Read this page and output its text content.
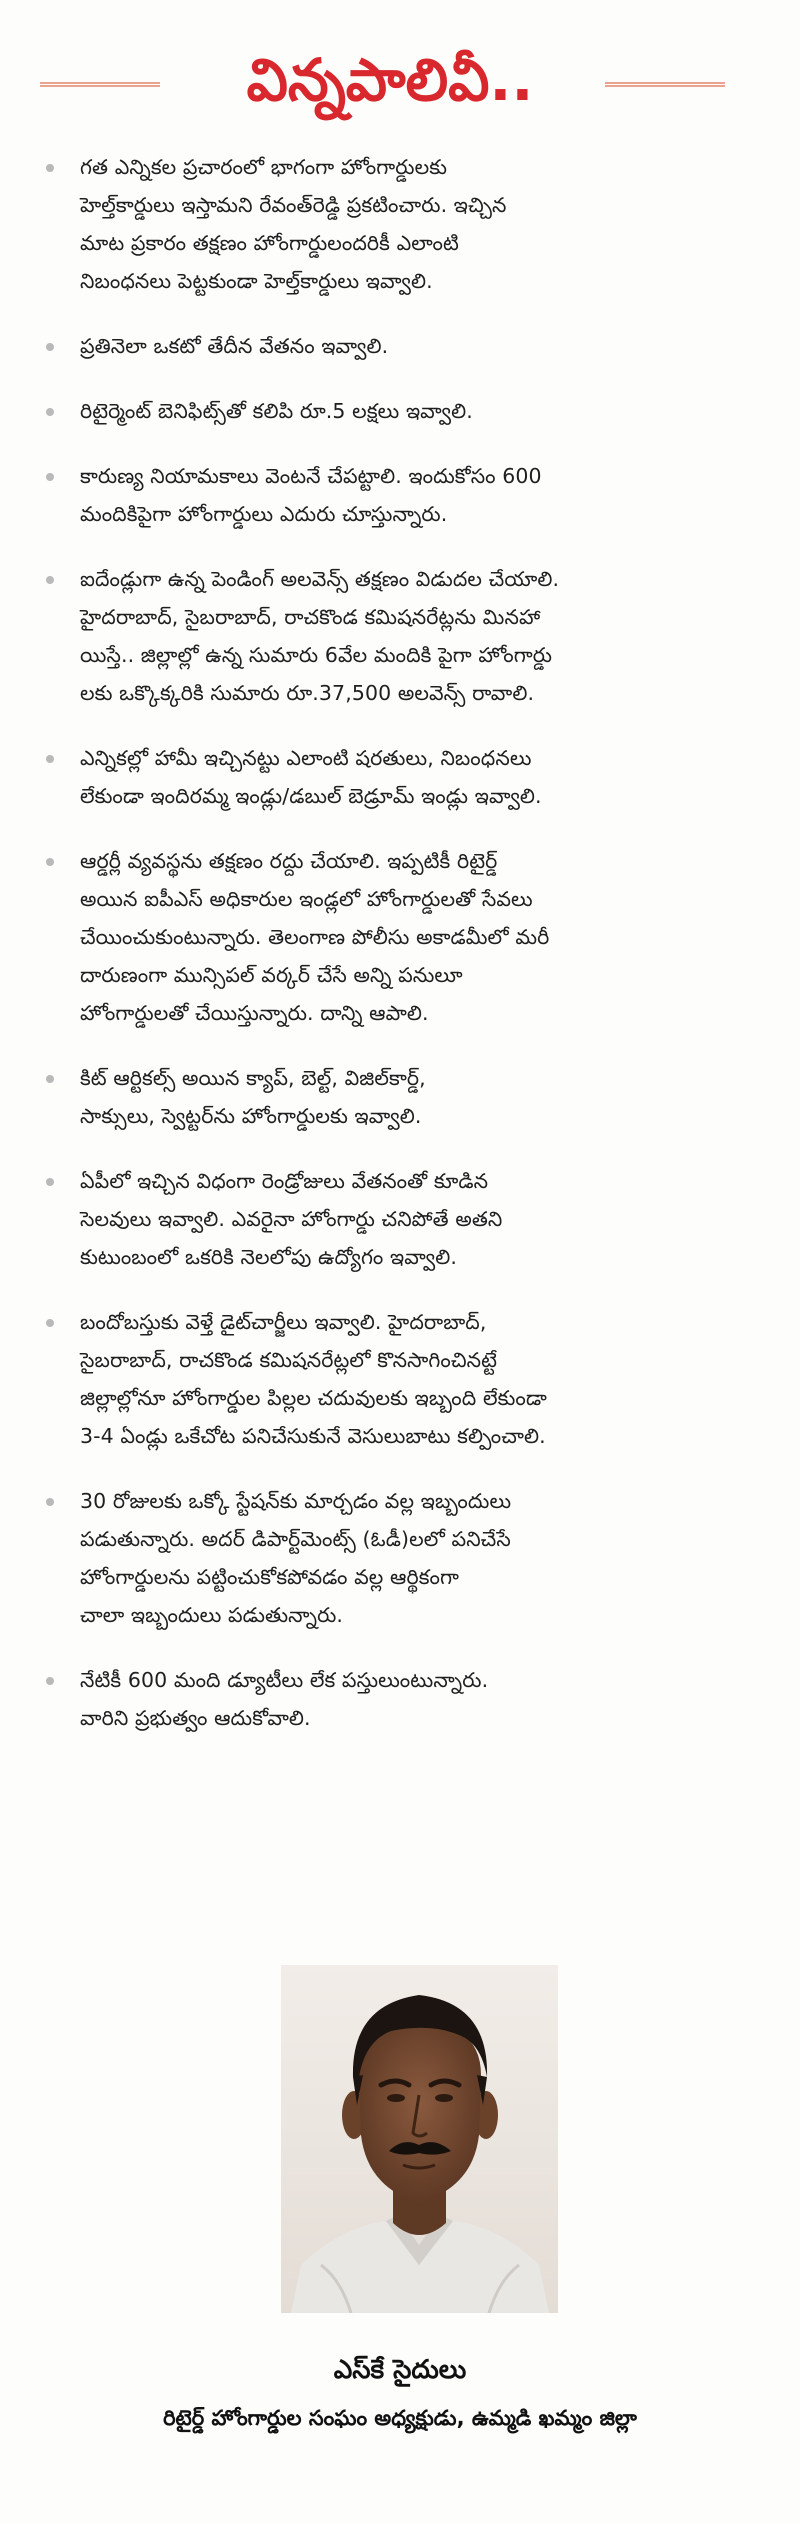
విన్నపాలివీ..
గత ఎన్నికల ప్రచారంలో భాగంగా హోంగార్డులకు
హెల్త్‌కార్డులు ఇస్తామని రేవంత్‌రెడ్డి ప్రకటించారు. ఇచ్చిన
మాట ప్రకారం తక్షణం హోంగార్డులందరికీ ఎలాంటి
నిబంధనలు పెట్టకుండా హెల్త్‌కార్డులు ఇవ్వాలి.
ప్రతినెలా ఒకటో తేదీన వేతనం ఇవ్వాలి.
రిటైర్మెంట్ బెనిఫిట్స్‌తో కలిపి రూ.5 లక్షలు ఇవ్వాలి.
కారుణ్య నియామకాలు వెంటనే చేపట్టాలి. ఇందుకోసం 600
మందికిపైగా హోంగార్డులు ఎదురు చూస్తున్నారు.
ఐదేండ్లుగా ఉన్న పెండింగ్ అలవెన్స్ తక్షణం విడుదల చేయాలి.
హైదరాబాద్, సైబరాబాద్, రాచకొండ కమిషనరేట్లను మినహా
యిస్తే.. జిల్లాల్లో ఉన్న సుమారు 6వేల మందికి పైగా హోంగార్డు
లకు ఒక్కొక్కరికి సుమారు రూ.37,500 అలవెన్స్ రావాలి.
ఎన్నికల్లో హామీ ఇచ్చినట్టు ఎలాంటి షరతులు, నిబంధనలు
లేకుండా ఇందిరమ్మ ఇండ్లు/డబుల్ బెడ్రూమ్ ఇండ్లు ఇవ్వాలి.
ఆర్డర్లీ వ్యవస్థను తక్షణం రద్దు చేయాలి. ఇప్పటికీ రిటైర్డ్
అయిన ఐపీఎస్ అధికారుల ఇండ్లలో హోంగార్డులతో సేవలు
చేయించుకుంటున్నారు. తెలంగాణ పోలీసు అకాడమీలో మరీ
దారుణంగా మున్సిపల్ వర్కర్ చేసే అన్ని పనులూ
హోంగార్డులతో చేయిస్తున్నారు. దాన్ని ఆపాలి.
కిట్ ఆర్టికల్స్ అయిన క్యాప్, బెల్ట్, విజిల్‌కార్డ్,
సాక్సులు, స్వెట్టర్‌ను హోంగార్డులకు ఇవ్వాలి.
ఏపీలో ఇచ్చిన విధంగా రెండ్రోజులు వేతనంతో కూడిన
సెలవులు ఇవ్వాలి. ఎవరైనా హోంగార్డు చనిపోతే అతని
కుటుంబంలో ఒకరికి నెలలోపు ఉద్యోగం ఇవ్వాలి.
బందోబస్తుకు వెళ్తే డైట్‌చార్జీలు ఇవ్వాలి. హైదరాబాద్,
సైబరాబాద్, రాచకొండ కమిషనరేట్లలో కొనసాగించినట్టే
జిల్లాల్లోనూ హోంగార్డుల పిల్లల చదువులకు ఇబ్బంది లేకుండా
3-4 ఏండ్లు ఒకేచోట పనిచేసుకునే వెసులుబాటు కల్పించాలి.
30 రోజులకు ఒక్కో స్టేషన్‌కు మార్చడం వల్ల ఇబ్బందులు
పడుతున్నారు. అదర్ డిపార్ట్‌మెంట్స్ (ఓడీ)లలో పనిచేసే
హోంగార్డులను పట్టించుకోకపోవడం వల్ల ఆర్థికంగా
చాలా ఇబ్బందులు పడుతున్నారు.
నేటికీ 600 మంది డ్యూటీలు లేక పస్తులుంటున్నారు.
వారిని ప్రభుత్వం ఆదుకోవాలి.
ఎస్‌కే సైదులు
రిటైర్డ్ హోంగార్డుల సంఘం అధ్యక్షుడు, ఉమ్మడి ఖమ్మం జిల్లా
